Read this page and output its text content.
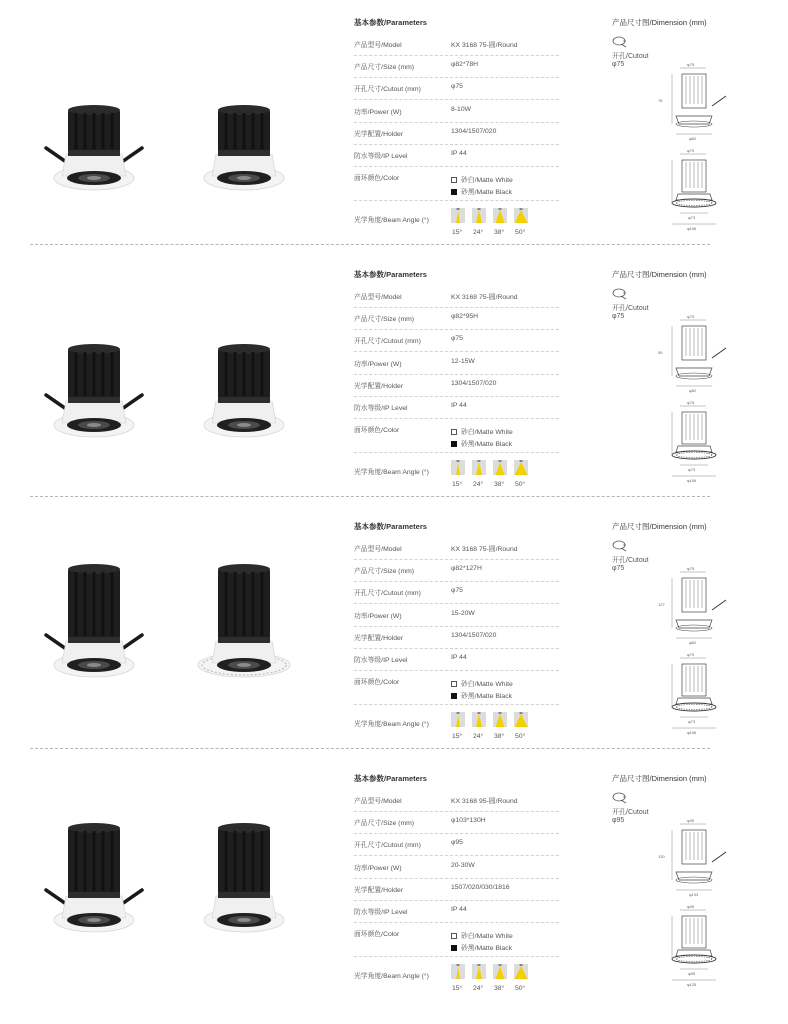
基本参数/Parameters
产品型号/Model	KX 3168 75-圆/Round
产品尺寸/Size (mm)	φ82*78H
开孔尺寸/Cutout (mm)	φ75
功率/Power (W)	8-10W
光学配置/Holder	1304/1507/020
防水等级/IP Level	IP 44
面环颜色/Color	砂白/Matte White
砂黑/Matte Black
光学角度/Beam Angle (°)
15° 24° 38° 50°
产品尺寸图/Dimension (mm)
开孔/Cutout
φ75	φ75
78
φ82
φ75
φ73
φ106
基本参数/Parameters
产品型号/Model	KX 3168 75-圆/Round
产品尺寸/Size (mm)	φ82*95H
开孔尺寸/Cutout (mm)	φ75
功率/Power (W)	12-15W
光学配置/Holder	1304/1507/020
防水等级/IP Level	IP 44
面环颜色/Color	砂白/Matte White
砂黑/Matte Black
光学角度/Beam Angle (°)
15° 24° 38° 50°
产品尺寸图/Dimension (mm)
开孔/Cutout
φ75	φ75
95
φ82
φ75
φ73
φ106
基本参数/Parameters
产品型号/Model	KX 3168 75-圆/Round
产品尺寸/Size (mm)	φ82*127H
开孔尺寸/Cutout (mm)	φ75
功率/Power (W)	15-20W
光学配置/Holder	1304/1507/020
防水等级/IP Level	IP 44
面环颜色/Color	砂白/Matte White
砂黑/Matte Black
光学角度/Beam Angle (°)
15° 24° 38° 50°
产品尺寸图/Dimension (mm)
开孔/Cutout
φ75	φ75
127
φ82
φ75
φ73
φ106
基本参数/Parameters
产品型号/Model	KX 3168 95-圆/Round
产品尺寸/Size (mm)	φ103*130H
开孔尺寸/Cutout (mm)	φ95
功率/Power (W)	20-30W
光学配置/Holder	1507/020/030/1816
防水等级/IP Level	IP 44
面环颜色/Color	砂白/Matte White
砂黑/Matte Black
光学角度/Beam Angle (°)
15° 24° 38° 50°
产品尺寸图/Dimension (mm)
开孔/Cutout
φ95	φ95
130
φ103
φ95
φ95
φ125
